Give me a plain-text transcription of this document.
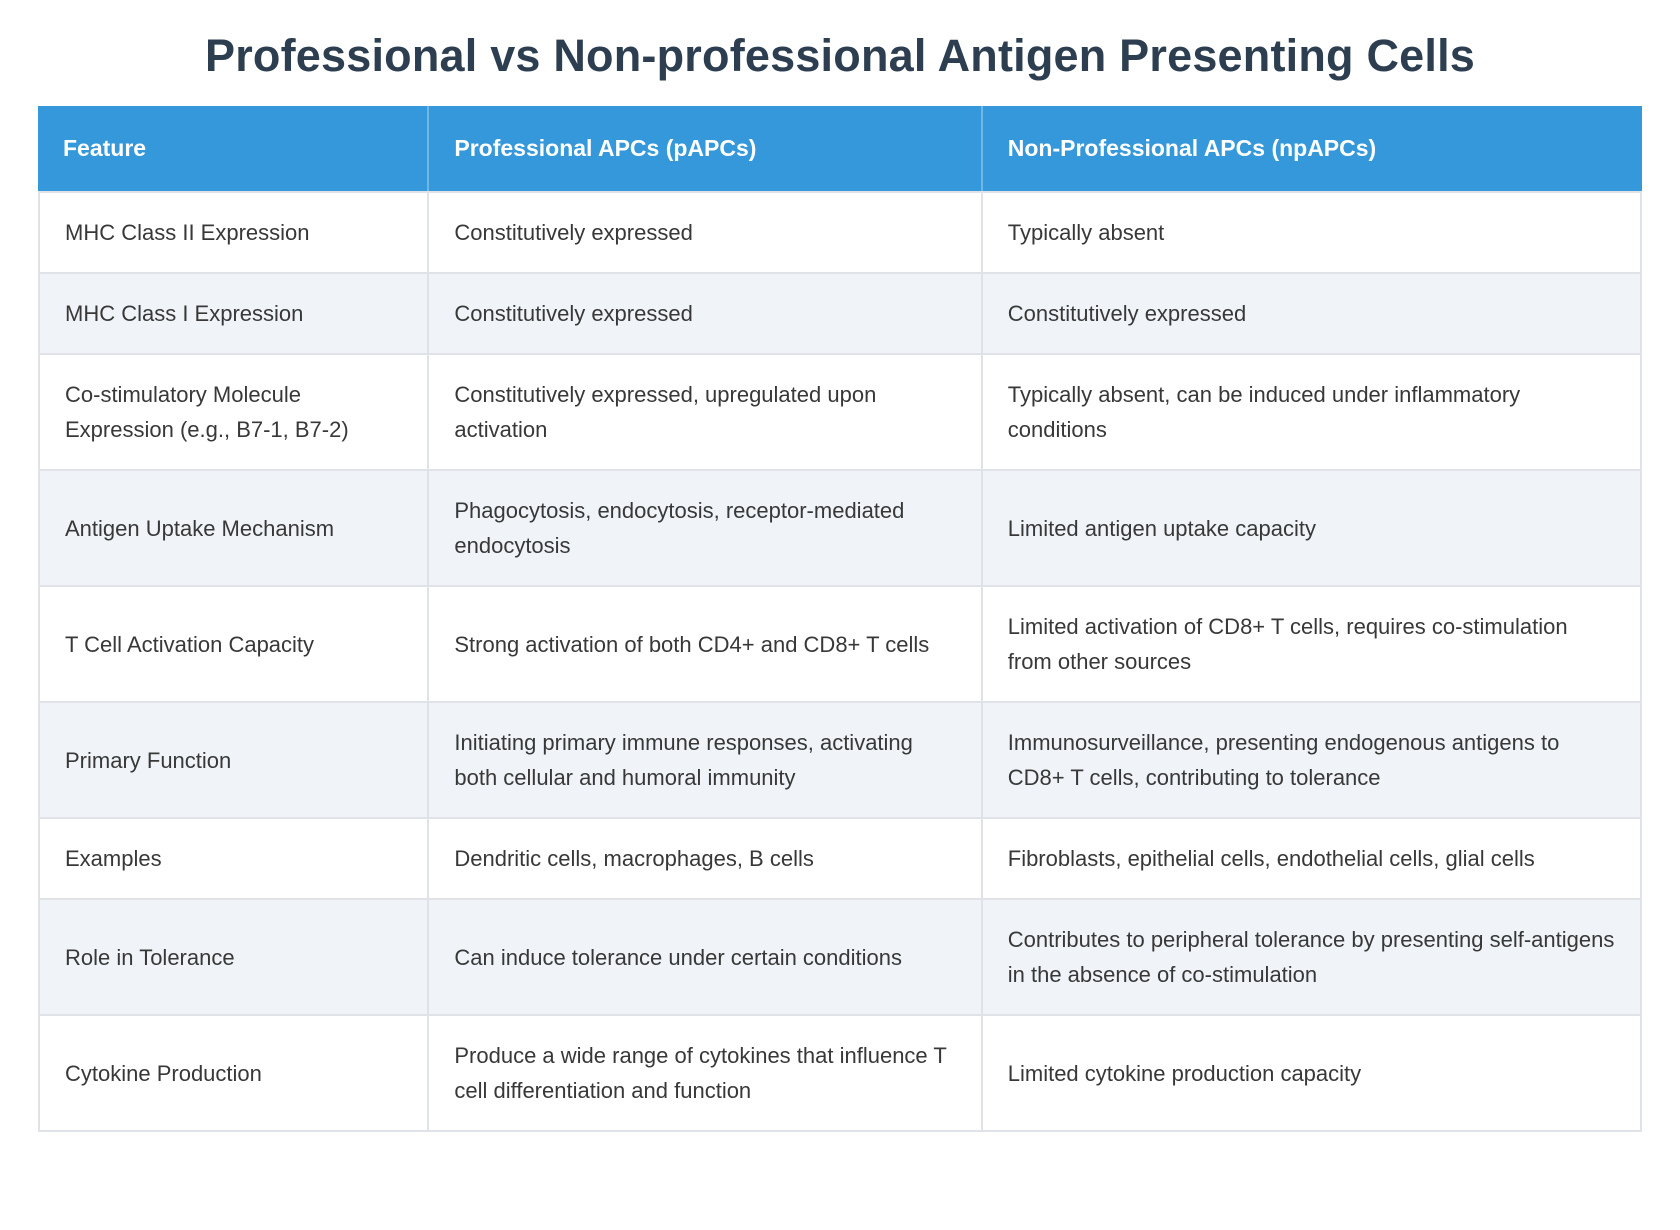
Professional vs Non-professional Antigen Presenting Cells
Feature	Professional APCs (pAPCs)	Non-Professional APCs (npAPCs)
MHC Class II Expression	Constitutively expressed	Typically absent
MHC Class I Expression	Constitutively expressed	Constitutively expressed
Co-stimulatory Molecule Expression (e.g., B7-1, B7-2)	Constitutively expressed, upregulated upon activation	Typically absent, can be induced under inflammatory conditions
Antigen Uptake Mechanism	Phagocytosis, endocytosis, receptor-mediated endocytosis	Limited antigen uptake capacity
T Cell Activation Capacity	Strong activation of both CD4+ and CD8+ T cells	Limited activation of CD8+ T cells, requires co-stimulation from other sources
Primary Function	Initiating primary immune responses, activating both cellular and humoral immunity	Immunosurveillance, presenting endogenous antigens to CD8+ T cells, contributing to tolerance
Examples	Dendritic cells, macrophages, B cells	Fibroblasts, epithelial cells, endothelial cells, glial cells
Role in Tolerance	Can induce tolerance under certain conditions	Contributes to peripheral tolerance by presenting self-antigens in the absence of co-stimulation
Cytokine Production	Produce a wide range of cytokines that influence T cell differentiation and function	Limited cytokine production capacity
